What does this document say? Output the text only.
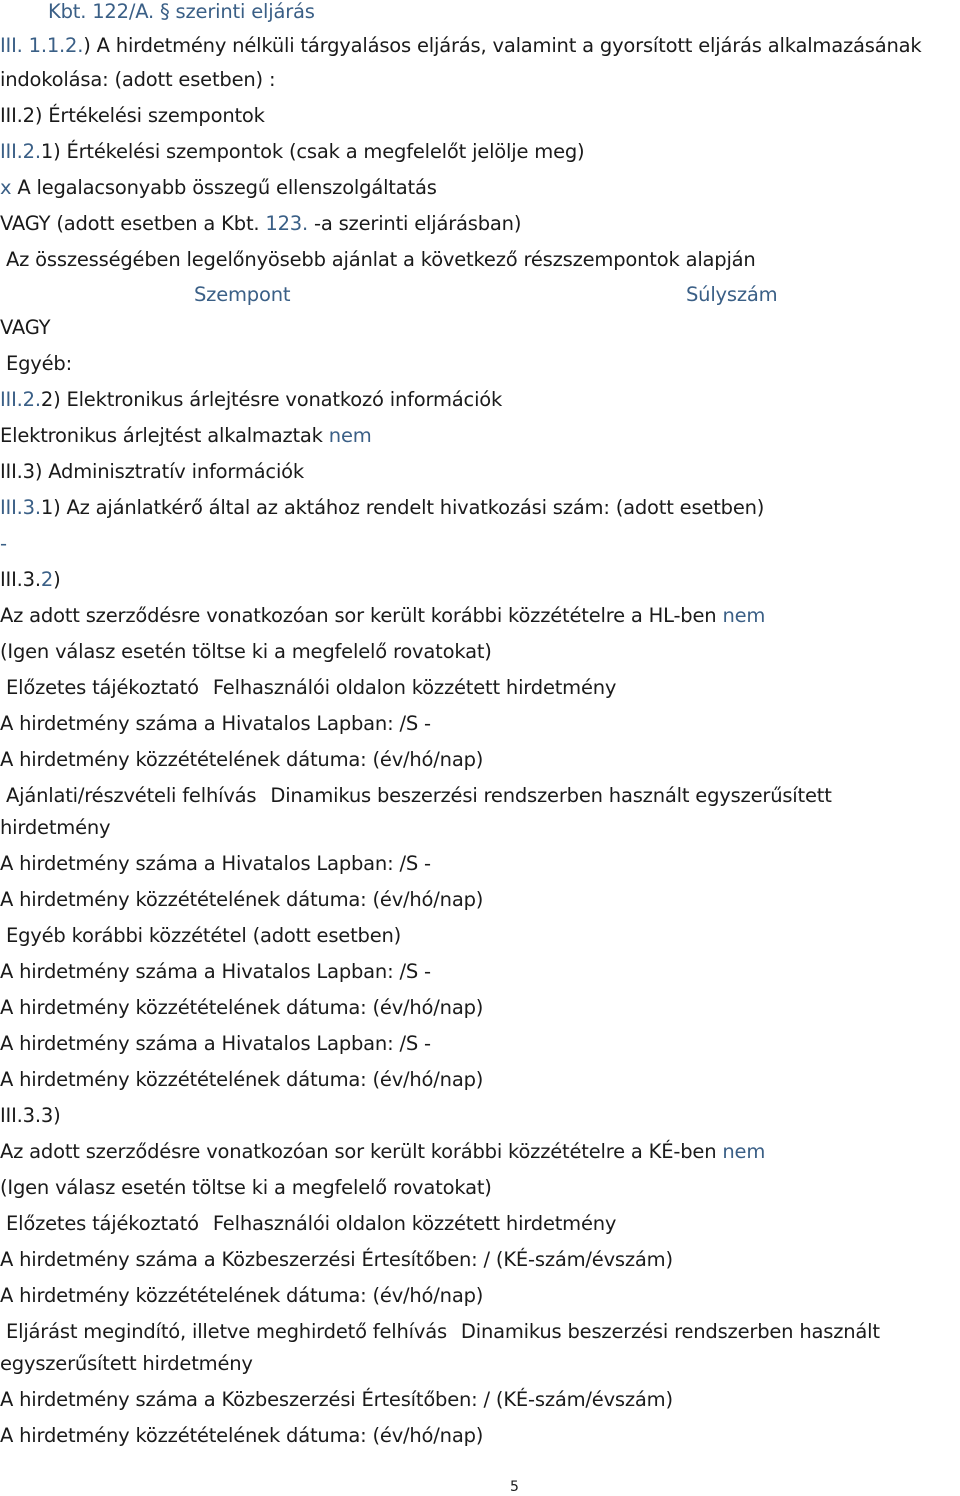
Kbt. 122/A. § szerinti eljárás
III. 1.1.2.) A hirdetmény nélküli tárgyalásos eljárás, valamint a gyorsított eljárás alkalmazásának
indokolása: (adott esetben) :
III.2) Értékelési szempontok
III.2.1) Értékelési szempontok (csak a megfelelőt jelölje meg)
x A legalacsonyabb összegű ellenszolgáltatás
VAGY (adott esetben a Kbt. 123. -a szerinti eljárásban)
Az összességében legelőnyösebb ajánlat a következő részszempontok alapján
Szempont	Súlyszám
VAGY
Egyéb:
III.2.2) Elektronikus árlejtésre vonatkozó információk
Elektronikus árlejtést alkalmaztak nem
III.3) Adminisztratív információk
III.3.1) Az ajánlatkérő által az aktához rendelt hivatkozási szám: (adott esetben)
-
III.3.2)
Az adott szerződésre vonatkozóan sor került korábbi közzétételre a HL-ben nem
(Igen válasz esetén töltse ki a megfelelő rovatokat)
Előzetes tájékoztató Felhasználói oldalon közzétett hirdetmény
A hirdetmény száma a Hivatalos Lapban: /S -
A hirdetmény közzétételének dátuma: (év/hó/nap)
Ajánlati/részvételi felhívás Dinamikus beszerzési rendszerben használt egyszerűsített hirdetmény
A hirdetmény száma a Hivatalos Lapban: /S -
A hirdetmény közzétételének dátuma: (év/hó/nap)
Egyéb korábbi közzététel (adott esetben)
A hirdetmény száma a Hivatalos Lapban: /S -
A hirdetmény közzétételének dátuma: (év/hó/nap)
A hirdetmény száma a Hivatalos Lapban: /S -
A hirdetmény közzétételének dátuma: (év/hó/nap)
III.3.3)
Az adott szerződésre vonatkozóan sor került korábbi közzétételre a KÉ-ben nem
(Igen válasz esetén töltse ki a megfelelő rovatokat)
Előzetes tájékoztató Felhasználói oldalon közzétett hirdetmény
A hirdetmény száma a Közbeszerzési Értesítőben: / (KÉ-szám/évszám)
A hirdetmény közzétételének dátuma: (év/hó/nap)
Eljárást megindító, illetve meghirdető felhívás Dinamikus beszerzési rendszerben használt egyszerűsített hirdetmény
A hirdetmény száma a Közbeszerzési Értesítőben: / (KÉ-szám/évszám)
A hirdetmény közzétételének dátuma: (év/hó/nap)
5
